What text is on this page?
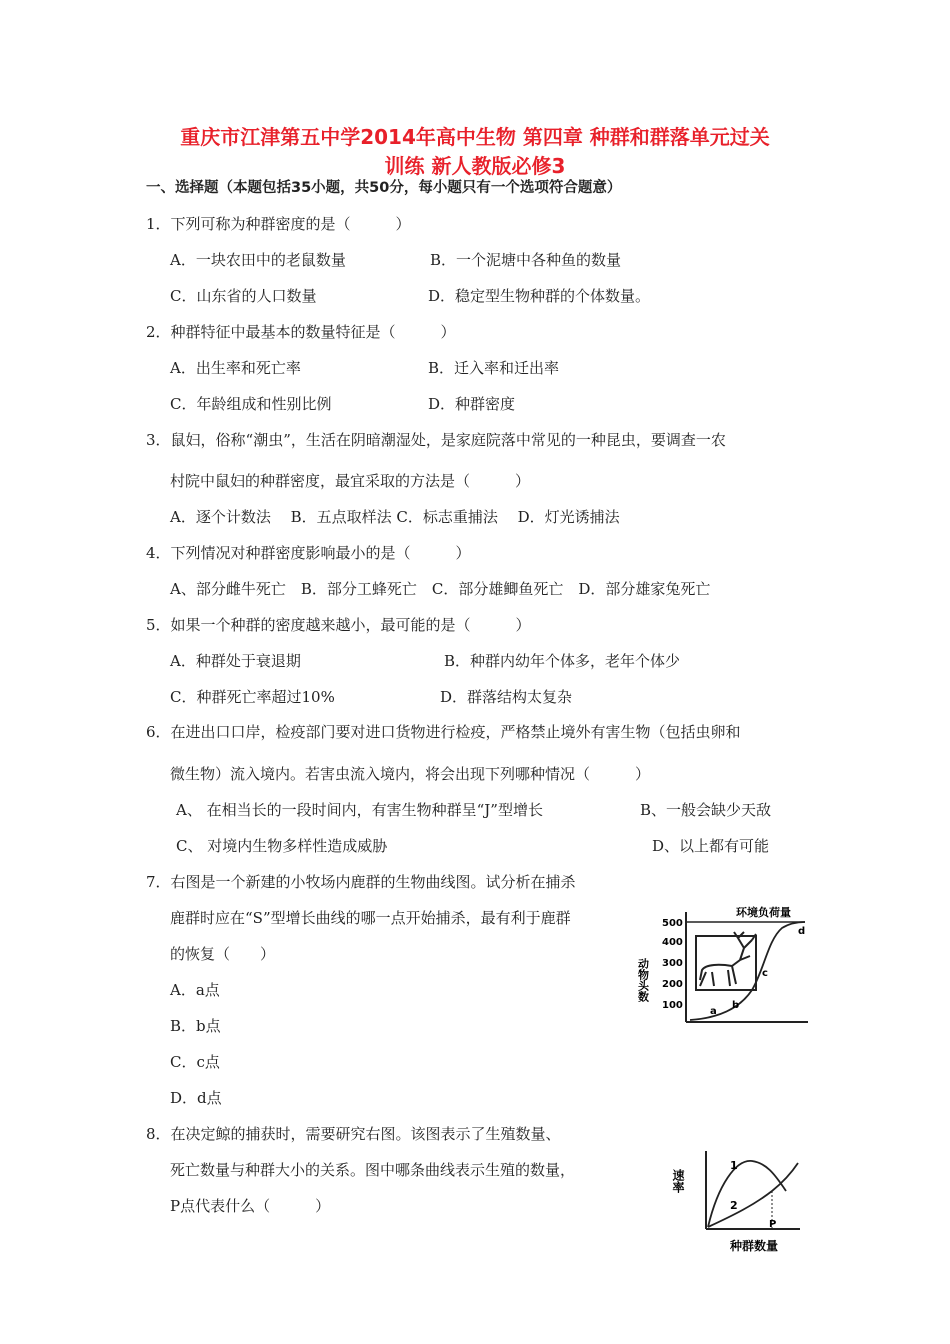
重庆市江津第五中学2014年高中生物 第四章 种群和群落单元过关
训练 新人教版必修3
一、选择题（本题包括35小题，共50分，每小题只有一个选项符合题意）
1．下列可称为种群密度的是（　　　）
A．一块农田中的老鼠数量	B．一个泥塘中各种鱼的数量
C．山东省的人口数量	D．稳定型生物种群的个体数量。
2．种群特征中最基本的数量特征是（　　　）
A．出生率和死亡率	B．迁入率和迁出率
C．年龄组成和性别比例	D．种群密度
3．鼠妇，俗称“潮虫”，生活在阴暗潮湿处，是家庭院落中常见的一种昆虫，要调查一农
村院中鼠妇的种群密度，最宜采取的方法是（　　　）
A．逐个计数法　 B．五点取样法 C．标志重捕法　 D．灯光诱捕法
4．下列情况对种群密度影响最小的是（　　　）
A、部分雌牛死亡　B．部分工蜂死亡　C．部分雄鲫鱼死亡　D．部分雄家兔死亡
5．如果一个种群的密度越来越小，最可能的是（　　　）
A．种群处于衰退期	B．种群内幼年个体多，老年个体少
C．种群死亡率超过10%	D．群落结构太复杂
6．在进出口口岸，检疫部门要对进口货物进行检疫，严格禁止境外有害生物（包括虫卵和
微生物）流入境内。若害虫流入境内，将会出现下列哪种情况（　　　）
A、 在相当长的一段时间内，有害生物种群呈“J”型增长	B、一般会缺少天敌
C、 对境内生物多样性造成威胁	D、以上都有可能
7．右图是一个新建的小牧场内鹿群的生物曲线图。试分析在捕杀
鹿群时应在“S”型增长曲线的哪一点开始捕杀，最有利于鹿群
的恢复（　　）
A．a点
B．b点
C．c点
D．d点
环境负荷量
500
400
300
200
100
动物头数
a
b
c
d
8．在决定鲸的捕获时，需要研究右图。该图表示了生殖数量、
死亡数量与种群大小的关系。图中哪条曲线表示生殖的数量，
P点代表什么（　　　）
速率
1
2
P
种群数量
